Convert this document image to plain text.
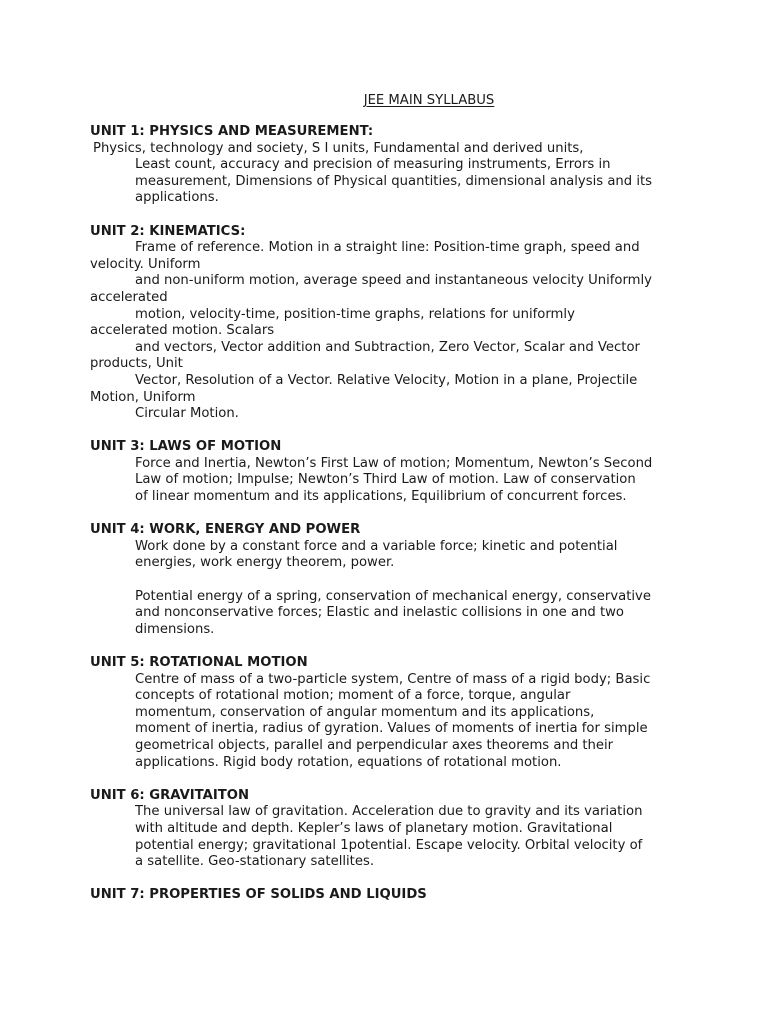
JEE MAIN SYLLABUS
UNIT 1: PHYSICS AND MEASUREMENT:
Physics, technology and society, S I units, Fundamental and derived units,
Least count, accuracy and precision of measuring instruments, Errors in
measurement, Dimensions of Physical quantities, dimensional analysis and its
applications.
UNIT 2: KINEMATICS:
Frame of reference. Motion in a straight line: Position-time graph, speed and
velocity. Uniform
and non-uniform motion, average speed and instantaneous velocity Uniformly
accelerated
motion, velocity-time, position-time graphs, relations for uniformly
accelerated motion. Scalars
and vectors, Vector addition and Subtraction, Zero Vector, Scalar and Vector
products, Unit
Vector, Resolution of a Vector. Relative Velocity, Motion in a plane, Projectile
Motion, Uniform
Circular Motion.
UNIT 3: LAWS OF MOTION
Force and Inertia, Newton’s First Law of motion; Momentum, Newton’s Second
Law of motion; Impulse; Newton’s Third Law of motion. Law of conservation
of linear momentum and its applications, Equilibrium of concurrent forces.
UNIT 4: WORK, ENERGY AND POWER
Work done by a constant force and a variable force; kinetic and potential
energies, work energy theorem, power.
Potential energy of a spring, conservation of mechanical energy, conservative
and nonconservative forces; Elastic and inelastic collisions in one and two
dimensions.
UNIT 5: ROTATIONAL MOTION
Centre of mass of a two-particle system, Centre of mass of a rigid body; Basic
concepts of rotational motion; moment of a force, torque, angular
momentum, conservation of angular momentum and its applications,
moment of inertia, radius of gyration. Values of moments of inertia for simple
geometrical objects, parallel and perpendicular axes theorems and their
applications. Rigid body rotation, equations of rotational motion.
UNIT 6: GRAVITAITON
The universal law of gravitation. Acceleration due to gravity and its variation
with altitude and depth. Kepler’s laws of planetary motion. Gravitational
potential energy; gravitational 1potential. Escape velocity. Orbital velocity of
a satellite. Geo-stationary satellites.
UNIT 7: PROPERTIES OF SOLIDS AND LIQUIDS
